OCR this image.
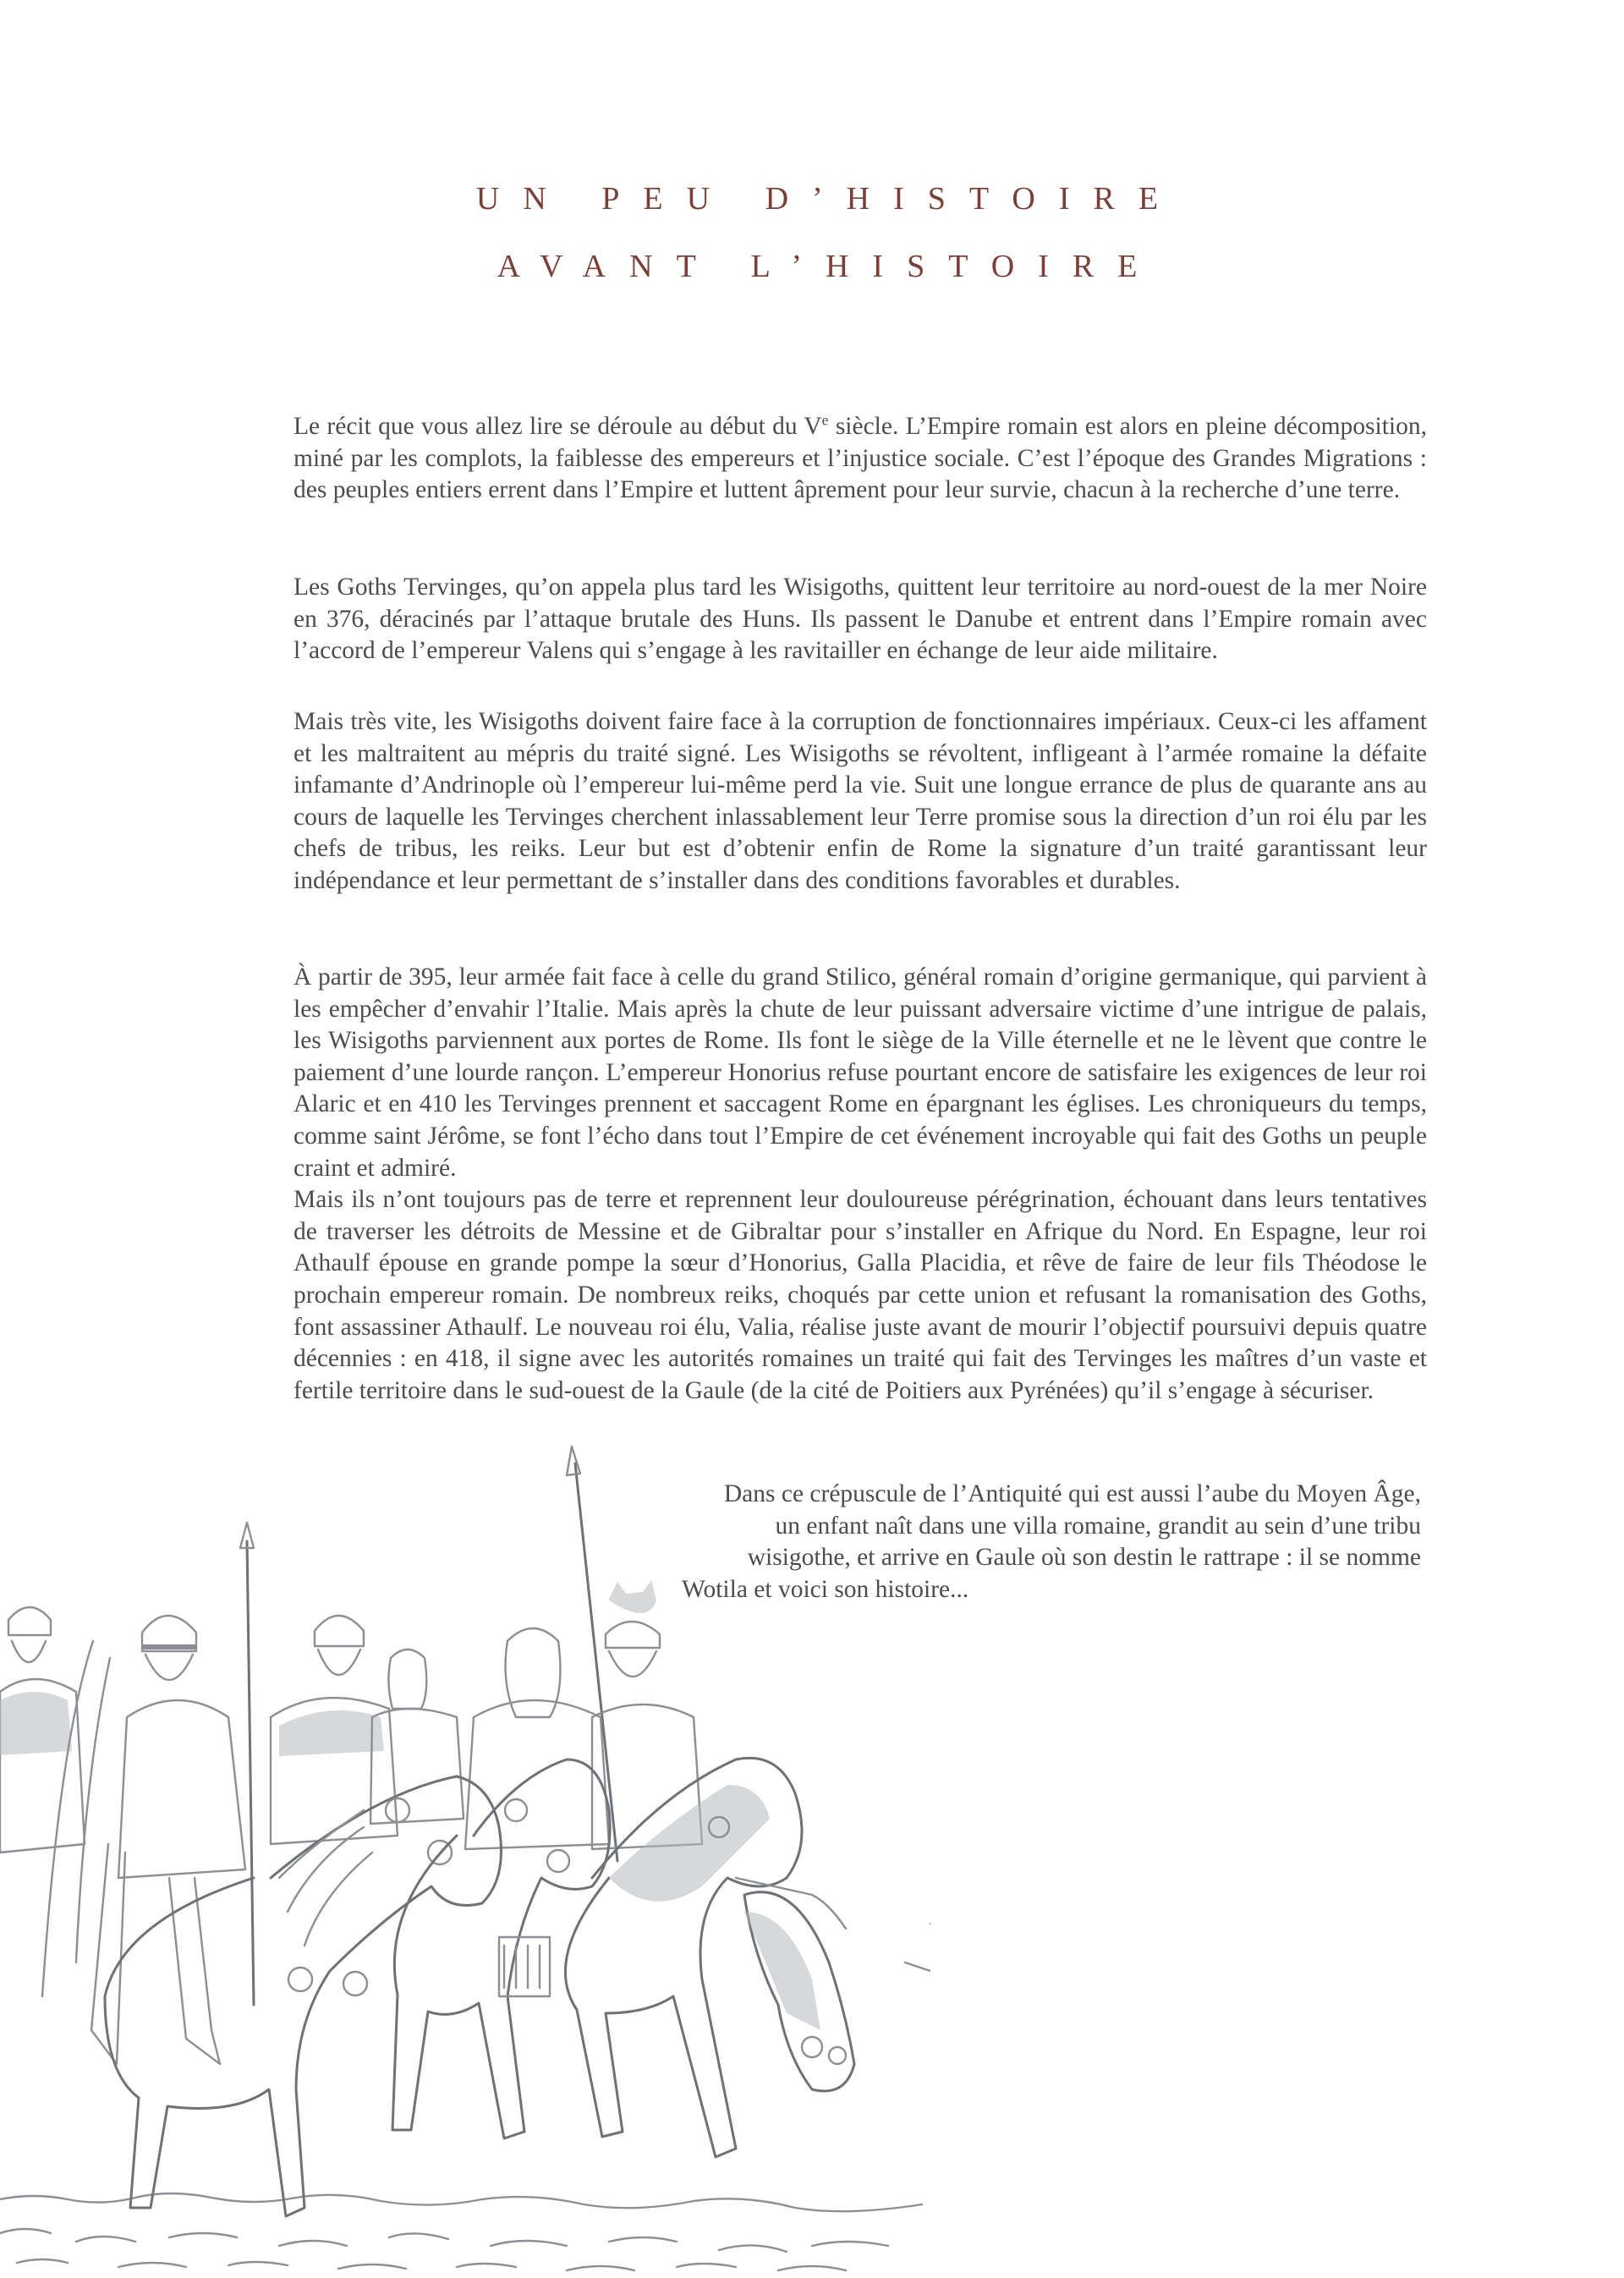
UN PEU D’HISTOIRE
AVANT L’HISTOIRE

Le récit que vous allez lire se déroule au début du Ve siècle. L’Empire romain est alors en pleine décomposition, miné par les complots, la faiblesse des empereurs et l’injustice sociale. C’est l’époque des Grandes Migrations : des peuples entiers errent dans l’Empire et luttent âprement pour leur survie, chacun à la recherche d’une terre.

Les Goths Tervinges, qu’on appela plus tard les Wisigoths, quittent leur territoire au nord-ouest de la mer Noire en 376, déracinés par l’attaque brutale des Huns. Ils passent le Danube et entrent dans l’Empire romain avec l’accord de l’empereur Valens qui s’engage à les ravitailler en échange de leur aide militaire.

Mais très vite, les Wisigoths doivent faire face à la corruption de fonctionnaires impériaux. Ceux-ci les affament et les maltraitent au mépris du traité signé. Les Wisigoths se révoltent, infligeant à l’armée romaine la défaite infamante d’Andrinople où l’empereur lui-même perd la vie. Suit une longue errance de plus de quarante ans au cours de laquelle les Tervinges cherchent inlassablement leur Terre promise sous la direction d’un roi élu par les chefs de tribus, les reiks. Leur but est d’obtenir enfin de Rome la signature d’un traité garantissant leur indépendance et leur permettant de s’installer dans des conditions favorables et durables.

À partir de 395, leur armée fait face à celle du grand Stilico, général romain d’origine germanique, qui parvient à les empêcher d’envahir l’Italie. Mais après la chute de leur puissant adversaire victime d’une intrigue de palais, les Wisigoths parviennent aux portes de Rome. Ils font le siège de la Ville éternelle et ne le lèvent que contre le paiement d’une lourde rançon. L’empereur Honorius refuse pourtant encore de satisfaire les exigences de leur roi Alaric et en 410 les Tervinges prennent et saccagent Rome en épargnant les églises. Les chroniqueurs du temps, comme saint Jérôme, se font l’écho dans tout l’Empire de cet événement incroyable qui fait des Goths un peuple craint et admiré.
Mais ils n’ont toujours pas de terre et reprennent leur douloureuse pérégrination, échouant dans leurs tentatives de traverser les détroits de Messine et de Gibraltar pour s’installer en Afrique du Nord. En Espagne, leur roi Athaulf épouse en grande pompe la sœur d’Honorius, Galla Placidia, et rêve de faire de leur fils Théodose le prochain empereur romain. De nombreux reiks, choqués par cette union et refusant la romanisation des Goths, font assassiner Athaulf. Le nouveau roi élu, Valia, réalise juste avant de mourir l’objectif poursuivi depuis quatre décennies : en 418, il signe avec les autorités romaines un traité qui fait des Tervinges les maîtres d’un vaste et fertile territoire dans le sud-ouest de la Gaule (de la cité de Poitiers aux Pyrénées) qu’il s’engage à sécuriser.

Dans ce crépuscule de l’Antiquité qui est aussi l’aube du Moyen Âge,
un enfant naît dans une villa romaine, grandit au sein d’une tribu
wisigothe, et arrive en Gaule où son destin le rattrape : il se nomme
Wotila et voici son histoire...
